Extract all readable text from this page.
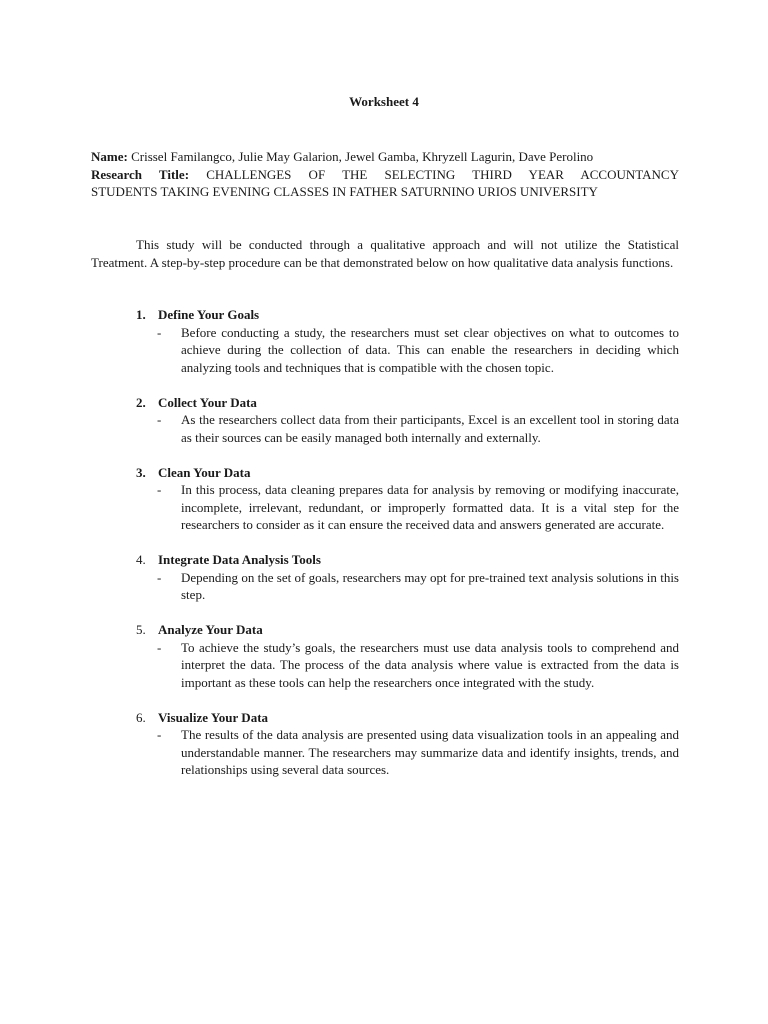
Worksheet 4
Name: Crissel Familangco, Julie May Galarion, Jewel Gamba, Khryzell Lagurin, Dave Perolino
Research Title: CHALLENGES OF THE SELECTING THIRD YEAR ACCOUNTANCY
STUDENTS TAKING EVENING CLASSES IN FATHER SATURNINO URIOS UNIVERSITY
This study will be conducted through a qualitative approach and will not utilize the Statistical Treatment. A step-by-step procedure can be that demonstrated below on how qualitative data analysis functions.
1. Define Your Goals
-	Before conducting a study, the researchers must set clear objectives on what to outcomes to achieve during the collection of data. This can enable the researchers in deciding which analyzing tools and techniques that is compatible with the chosen topic.
2. Collect Your Data
-	As the researchers collect data from their participants, Excel is an excellent tool in storing data as their sources can be easily managed both internally and externally.
3. Clean Your Data
-	In this process, data cleaning prepares data for analysis by removing or modifying inaccurate, incomplete, irrelevant, redundant, or improperly formatted data. It is a vital step for the researchers to consider as it can ensure the received data and answers generated are accurate.
4. Integrate Data Analysis Tools
-	Depending on the set of goals, researchers may opt for pre-trained text analysis solutions in this step.
5. Analyze Your Data
-	To achieve the study’s goals, the researchers must use data analysis tools to comprehend and interpret the data. The process of the data analysis where value is extracted from the data is important as these tools can help the researchers once integrated with the study.
6. Visualize Your Data
-	The results of the data analysis are presented using data visualization tools in an appealing and understandable manner. The researchers may summarize data and identify insights, trends, and relationships using several data sources.
